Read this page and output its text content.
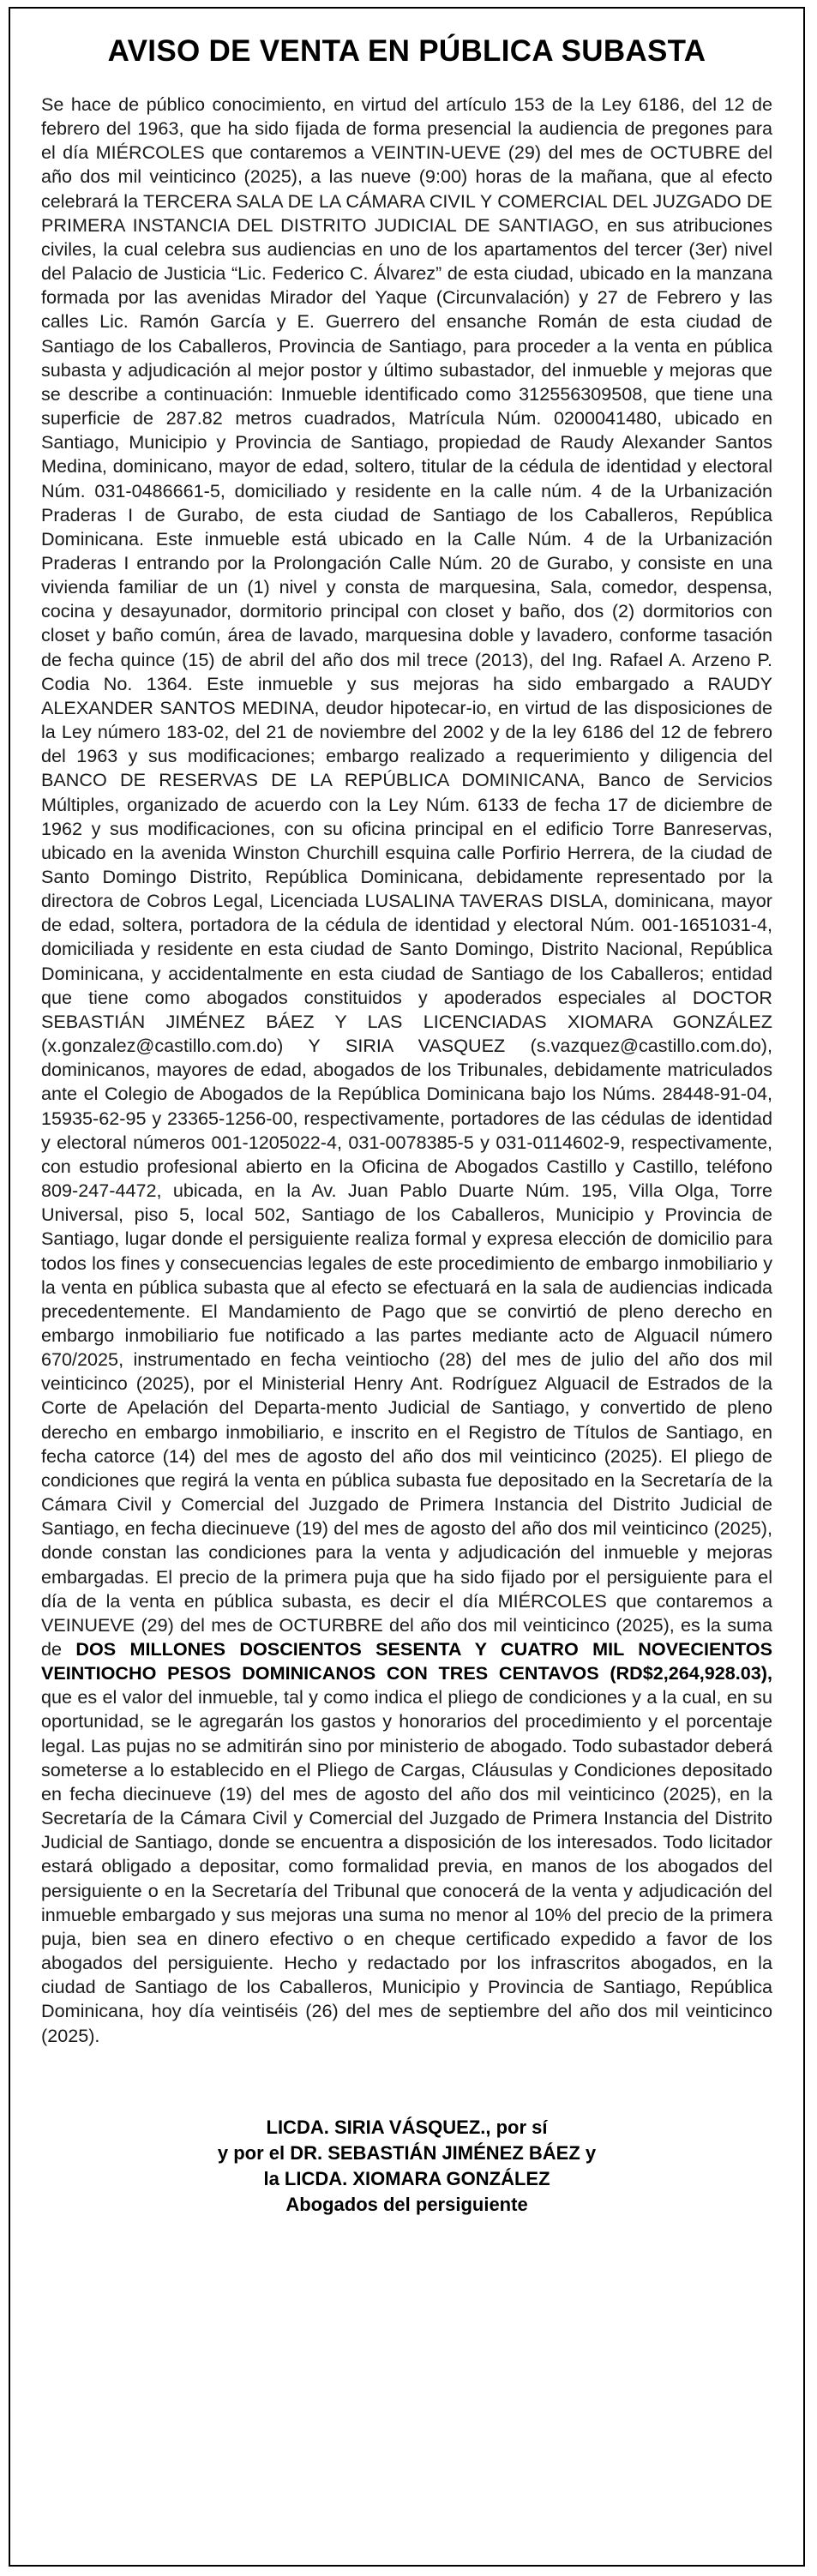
AVISO DE VENTA EN PÚBLICA SUBASTA

Se hace de público conocimiento, en virtud del artículo 153 de la Ley 6186, del 12 de febrero del 1963, que ha sido fijada de forma presencial la audiencia de pregones para el día MIÉRCOLES que contaremos a VEINTIN-UEVE (29) del mes de OCTUBRE del año dos mil veinticinco (2025), a las nueve (9:00) horas de la mañana, que al efecto celebrará la TERCERA SALA DE LA CÁMARA CIVIL Y COMERCIAL DEL JUZGADO DE PRIMERA INSTANCIA DEL DISTRITO JUDICIAL DE SANTIAGO, en sus atribuciones civiles, la cual celebra sus audiencias en uno de los apartamentos del tercer (3er) nivel del Palacio de Justicia “Lic. Federico C. Álvarez” de esta ciudad, ubicado en la manzana formada por las avenidas Mirador del Yaque (Circunvalación) y 27 de Febrero y las calles Lic. Ramón García y E. Guerrero del ensanche Román de esta ciudad de Santiago de los Caballeros, Provincia de Santiago, para proceder a la venta en pública subasta y adjudicación al mejor postor y último subastador, del inmueble y mejoras que se describe a continuación: Inmueble identificado como 312556309508, que tiene una superficie de 287.82 metros cuadrados, Matrícula Núm. 0200041480, ubicado en Santiago, Municipio y Provincia de Santiago, propiedad de Raudy Alexander Santos Medina, dominicano, mayor de edad, soltero, titular de la cédula de identidad y electoral Núm. 031-0486661-5, domiciliado y residente en la calle núm. 4 de la Urbanización Praderas I de Gurabo, de esta ciudad de Santiago de los Caballeros, República Dominicana. Este inmueble está ubicado en la Calle Núm. 4 de la Urbanización Praderas I entrando por la Prolongación Calle Núm. 20 de Gurabo, y consiste en una vivienda familiar de un (1) nivel y consta de marquesina, Sala, comedor, despensa, cocina y desayunador, dormitorio principal con closet y baño, dos (2) dormitorios con closet y baño común, área de lavado, marquesina doble y lavadero, conforme tasación de fecha quince (15) de abril del año dos mil trece (2013), del Ing. Rafael A. Arzeno P. Codia No. 1364. Este inmueble y sus mejoras ha sido embargado a RAUDY ALEXANDER SANTOS MEDINA, deudor hipotecar-io, en virtud de las disposiciones de la Ley número 183-02, del 21 de noviembre del 2002 y de la ley 6186 del 12 de febrero del 1963 y sus modificaciones; embargo realizado a requerimiento y diligencia del BANCO DE RESERVAS DE LA REPÚBLICA DOMINICANA, Banco de Servicios Múltiples, organizado de acuerdo con la Ley Núm. 6133 de fecha 17 de diciembre de 1962 y sus modificaciones, con su oficina principal en el edificio Torre Banreservas, ubicado en la avenida Winston Churchill esquina calle Porfirio Herrera, de la ciudad de Santo Domingo Distrito, República Dominicana, debidamente representado por la directora de Cobros Legal, Licenciada LUSALINA TAVERAS DISLA, dominicana, mayor de edad, soltera, portadora de la cédula de identidad y electoral Núm. 001-1651031-4, domiciliada y residente en esta ciudad de Santo Domingo, Distrito Nacional, República Dominicana, y accidentalmente en esta ciudad de Santiago de los Caballeros; entidad que tiene como abogados constituidos y apoderados especiales al DOCTOR SEBASTIÁN JIMÉNEZ BÁEZ Y LAS LICENCIADAS XIOMARA GONZÁLEZ (x.gonzalez@castillo.com.do) Y SIRIA VASQUEZ (s.vazquez@castillo.com.do), dominicanos, mayores de edad, abogados de los Tribunales, debidamente matriculados ante el Colegio de Abogados de la República Dominicana bajo los Núms. 28448-91-04, 15935-62-95 y 23365-1256-00, respectivamente, portadores de las cédulas de identidad y electoral números 001-1205022-4, 031-0078385-5 y 031-0114602-9, respectivamente, con estudio profesional abierto en la Oficina de Abogados Castillo y Castillo, teléfono 809-247-4472, ubicada, en la Av. Juan Pablo Duarte Núm. 195, Villa Olga, Torre Universal, piso 5, local 502, Santiago de los Caballeros, Municipio y Provincia de Santiago, lugar donde el persiguiente realiza formal y expresa elección de domicilio para todos los fines y consecuencias legales de este procedimiento de embargo inmobiliario y la venta en pública subasta que al efecto se efectuará en la sala de audiencias indicada precedentemente. El Mandamiento de Pago que se convirtió de pleno derecho en embargo inmobiliario fue notificado a las partes mediante acto de Alguacil número 670/2025, instrumentado en fecha veintiocho (28) del mes de julio del año dos mil veinticinco (2025), por el Ministerial Henry Ant. Rodríguez Alguacil de Estrados de la Corte de Apelación del Departa-mento Judicial de Santiago, y convertido de pleno derecho en embargo inmobiliario, e inscrito en el Registro de Títulos de Santiago, en fecha catorce (14) del mes de agosto del año dos mil veinticinco (2025). El pliego de condiciones que regirá la venta en pública subasta fue depositado en la Secretaría de la Cámara Civil y Comercial del Juzgado de Primera Instancia del Distrito Judicial de Santiago, en fecha diecinueve (19) del mes de agosto del año dos mil veinticinco (2025), donde constan las condiciones para la venta y adjudicación del inmueble y mejoras embargadas. El precio de la primera puja que ha sido fijado por el persiguiente para el día de la venta en pública subasta, es decir el día MIÉRCOLES que contaremos a VEINUEVE (29) del mes de OCTURBRE del año dos mil veinticinco (2025), es la suma de DOS MILLONES DOSCIENTOS SESENTA Y CUATRO MIL NOVECIENTOS VEINTIOCHO PESOS DOMINICANOS CON TRES CENTAVOS (RD$2,264,928.03), que es el valor del inmueble, tal y como indica el pliego de condiciones y a la cual, en su oportunidad, se le agregarán los gastos y honorarios del procedimiento y el porcentaje legal. Las pujas no se admitirán sino por ministerio de abogado. Todo subastador deberá someterse a lo establecido en el Pliego de Cargas, Cláusulas y Condiciones depositado en fecha diecinueve (19) del mes de agosto del año dos mil veinticinco (2025), en la Secretaría de la Cámara Civil y Comercial del Juzgado de Primera Instancia del Distrito Judicial de Santiago, donde se encuentra a disposición de los interesados. Todo licitador estará obligado a depositar, como formalidad previa, en manos de los abogados del persiguiente o en la Secretaría del Tribunal que conocerá de la venta y adjudicación del inmueble embargado y sus mejoras una suma no menor al 10% del precio de la primera puja, bien sea en dinero efectivo o en cheque certificado expedido a favor de los abogados del persiguiente. Hecho y redactado por los infrascritos abogados, en la ciudad de Santiago de los Caballeros, Municipio y Provincia de Santiago, República Dominicana, hoy día veintiséis (26) del mes de septiembre del año dos mil veinticinco (2025).

LICDA. SIRIA VÁSQUEZ., por sí
y por el DR. SEBASTIÁN JIMÉNEZ BÁEZ y
la LICDA. XIOMARA GONZÁLEZ
Abogados del persiguiente
